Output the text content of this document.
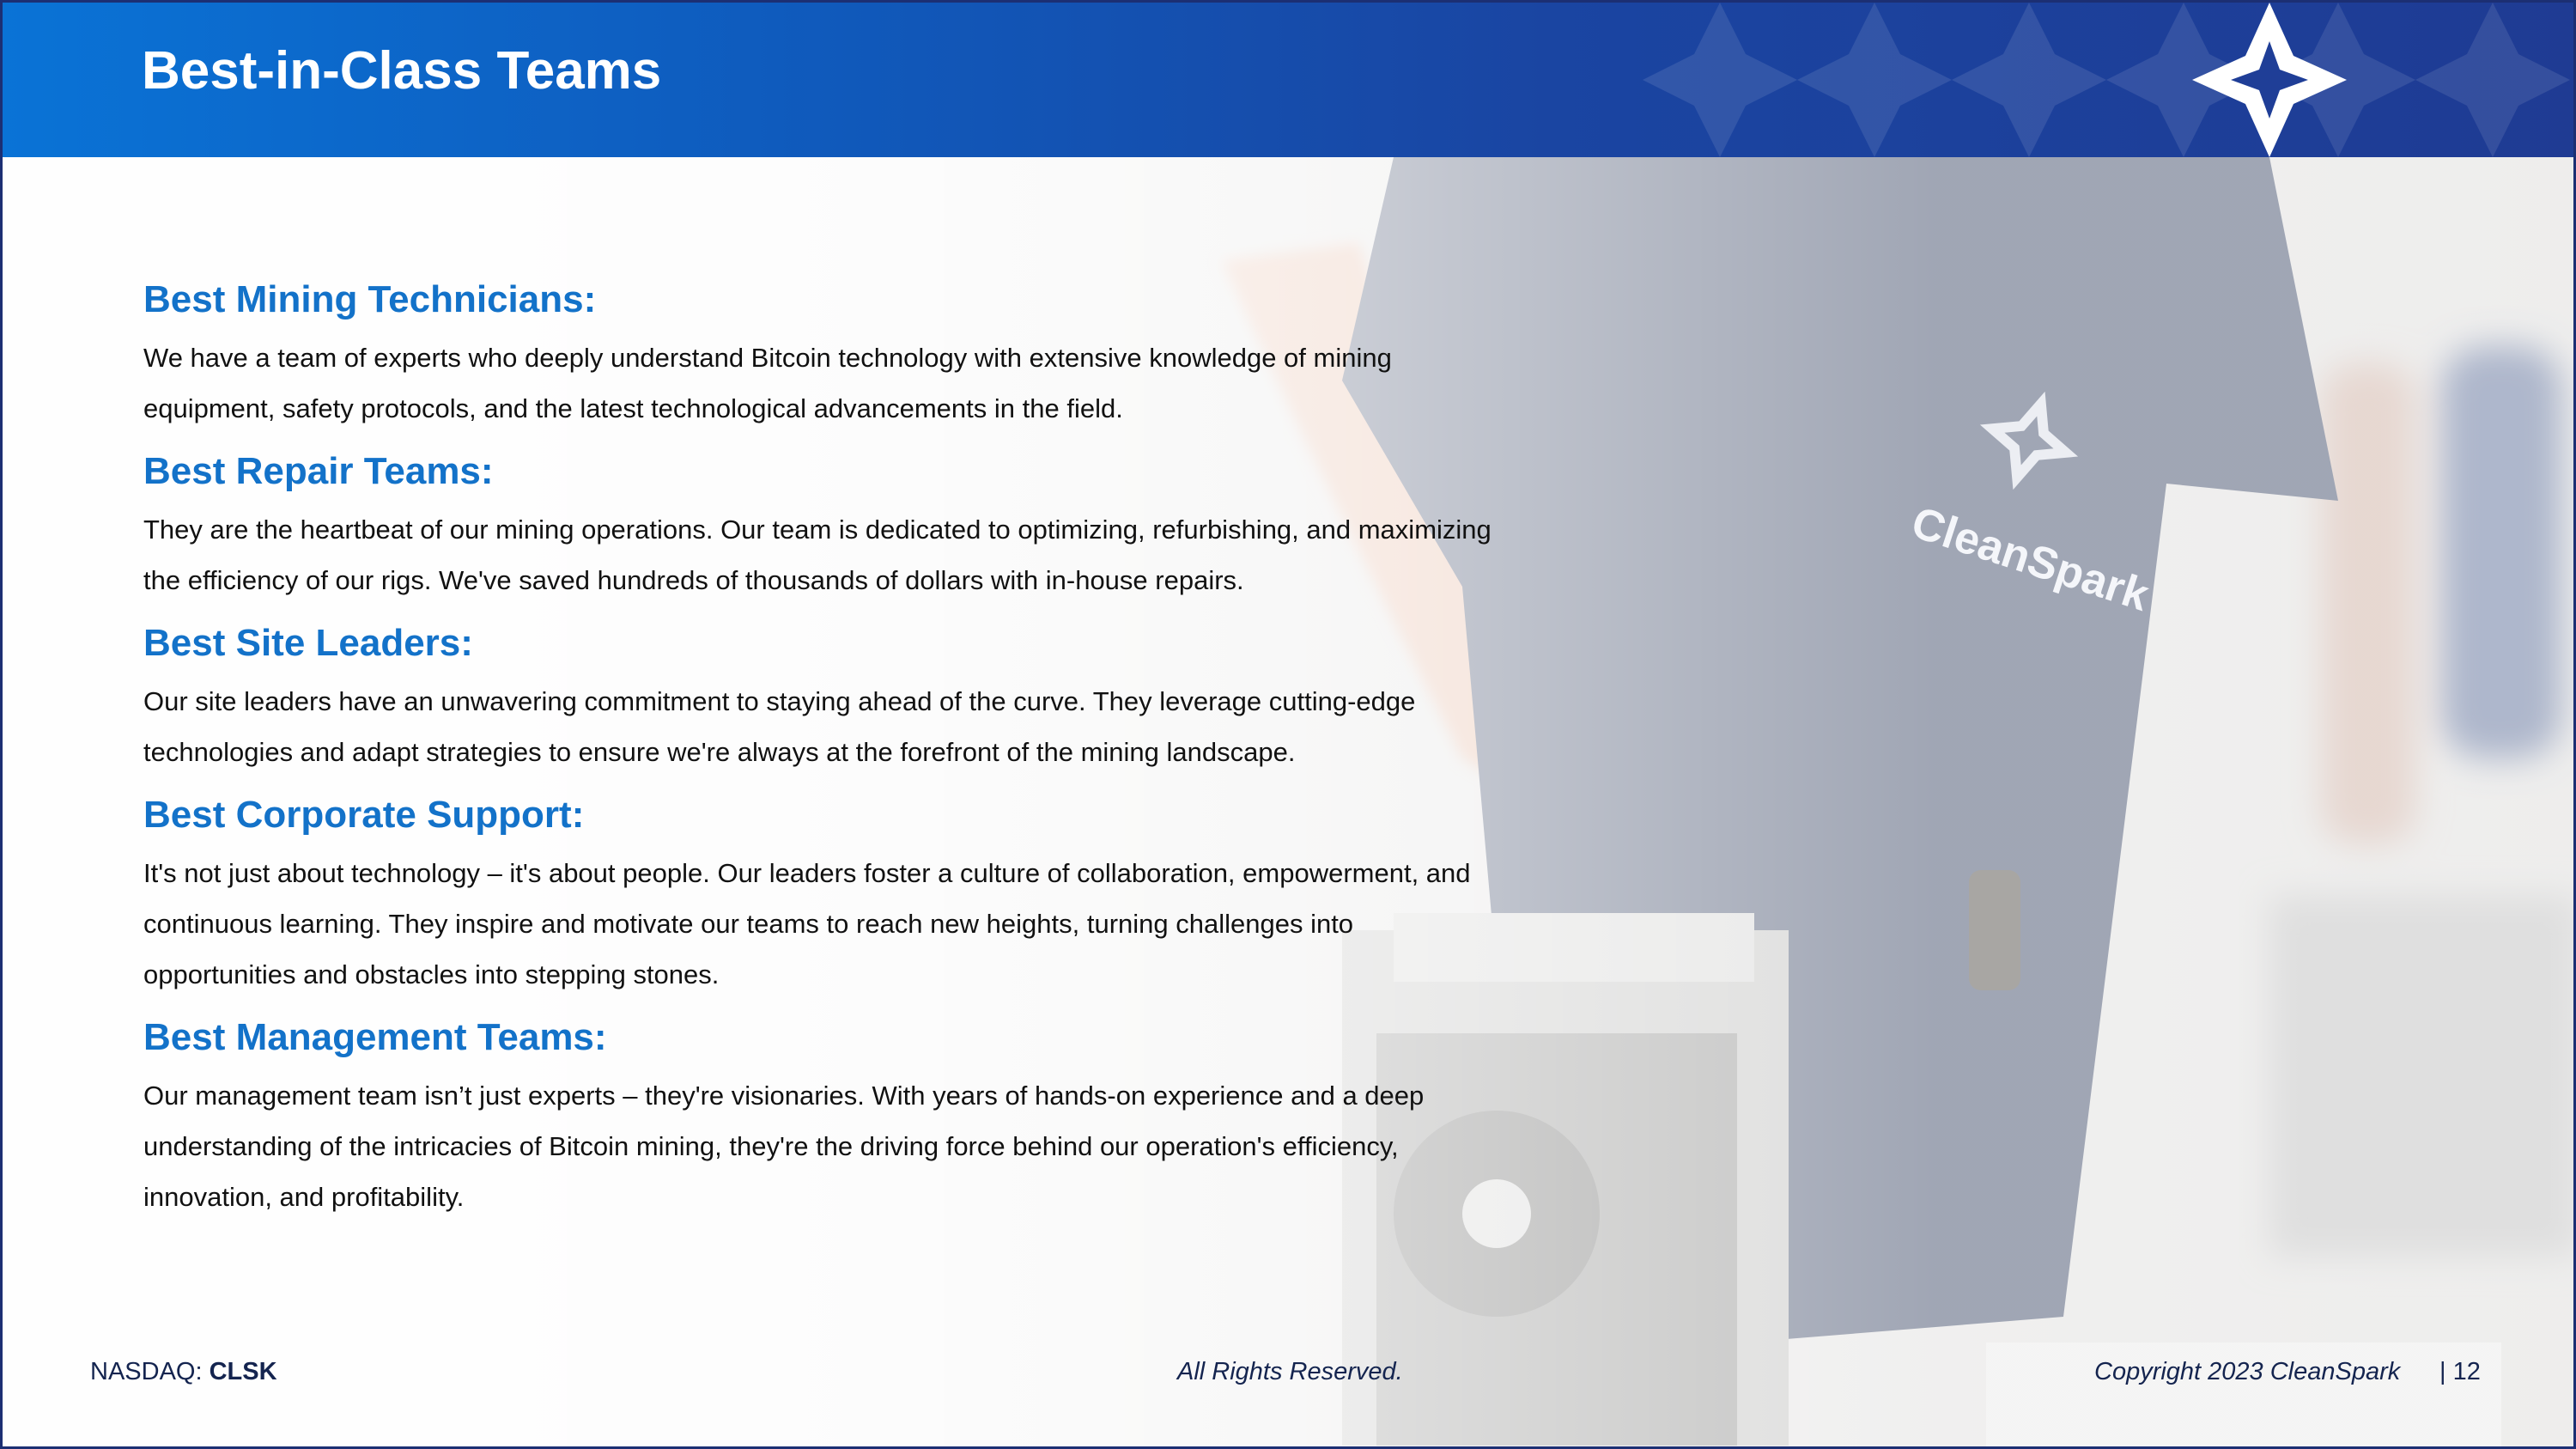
Best-in-Class Teams
Best Mining Technicians:

We have a team of experts who deeply understand Bitcoin technology with extensive knowledge of mining
equipment, safety protocols, and the latest technological advancements in the field.

Best Repair Teams:

They are the heartbeat of our mining operations. Our team is dedicated to optimizing, refurbishing, and maximizing
the efficiency of our rigs. We've saved hundreds of thousands of dollars with in-house repairs.

Best Site Leaders:

Our site leaders have an unwavering commitment to staying ahead of the curve. They leverage cutting-edge
technologies and adapt strategies to ensure we're always at the forefront of the mining landscape.

Best Corporate Support:

It's not just about technology – it's about people. Our leaders foster a culture of collaboration, empowerment, and
continuous learning. They inspire and motivate our teams to reach new heights, turning challenges into
opportunities and obstacles into stepping stones.

Best Management Teams:

Our management team isn’t just experts – they're visionaries. With years of hands-on experience and a deep
understanding of the intricacies of Bitcoin mining, they're the driving force behind our operation's efficiency,
innovation, and profitability.

NASDAQ: CLSK	All Rights Reserved.	Copyright 2023 CleanSpark | 12
